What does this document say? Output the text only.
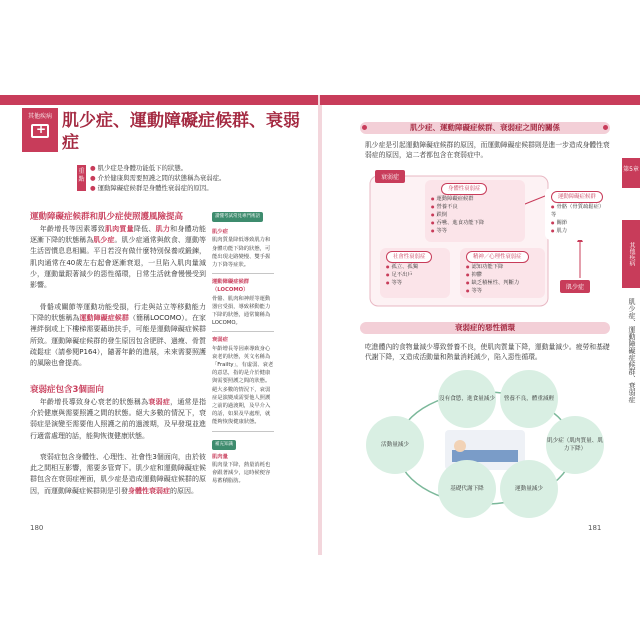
其他疾病
+ 肌少症、運動障礙症候群、衰弱症
重點
● 肌少症是身體功能低下的狀態。
● 介於健康與需要照護之間的狀態稱為衰弱症。
● 運動障礙症候群是身體性衰弱症的原因。
運動障礙症候群和肌少症使照護風險提高

年齡增長等因素導致肌肉質量降低、肌力和身體功能逐漸下降的狀態稱為肌少症。肌少症通常與飲食、運動等生活習慣息息相關。平日若沒有做什麼特別保養或鍛鍊，肌肉通常在40歲左右起會逐漸衰退，一旦陷入肌肉量減少，運動量跟著減少的惡性循環，日常生活就會慢慢受到影響。

骨骼或關節等運動功能受損，行走與站立等移動能力下降的狀態稱為運動障礙症候群（簡稱LOCOMO）。在家裡絆倒或上下樓梯需要藉助扶手，可能是運動障礙症候群所致。運動障礙症候群的發生原因包含肥胖、過瘦、骨質疏鬆症（請參閱P164），隨著年齡的進展，未來需要照護的風險也會提高。

衰弱症包含3個面向

年齡增長導致身心衰老的狀態稱為衰弱症，通常是指介於健康與需要照護之間的狀態。絕大多數的情況下，衰弱症是演變至需要他人照護之前的過渡期，及早發現並進行適當處理的話，能夠恢復健康狀態。

衰弱症包含身體性、心理性、社會性3個面向，由於彼此之間相互影響，需要多管齊下。肌少症和運動障礙症候群包含在衰弱症裡面，肌少症是造成運動障礙症候群的原因，而運動障礙症候群則是引發身體性衰弱症的原因。

讀懂考試常見專門術語
肌少症
肌肉質量降低導致肌力和身體功能下降的狀態，可能出現走路變慢、雙手握力下降等症狀。
運動障礙症候群（LOCOMO）
骨骼、肌肉和神經等運動器官受損，導致移動能力下降的狀態，通常簡稱為LOCOMO。
衰弱症
年齡增長等因素導致身心衰老的狀態，英文名稱為「Frailty」，有虛弱、衰老的意思，指的是介於健康與需要照護之間的狀態。絕大多數的情況下，衰弱症是演變成需要他人照護之前的過渡期，及早介入的話，如果及早處理，就能夠恢復健康狀態。
補充知識
肌肉量
肌肉量下降，熱量消耗也會跟著減少，這時候便容易蓄積脂肪。
180
肌少症、運動障礙症候群、衰弱症之間的關係
肌少症是引起運動障礙症候群的原因，而運動障礙症候群則是進一步造成身體性衰弱症的原因，這二者都包含在衰弱症中。
衰弱症
身體性衰弱症
● 運動障礙症候群
● 營養不良
● 跌倒
● 吞嚥、進食功能下降
● 等等
運動障礙症候群
● 骨骼（骨質疏鬆症）等
● 關節
● 肌力
社會性衰弱症
● 孤立、孤獨
● 足不出戶
● 等等
精神／心理性衰弱症
● 認知功能下降
● 抑鬱
● 缺乏積極性、判斷力
● 等等	肌少症
衰弱症的惡性循環
吃進體內的食物量減少導致營養不良，使肌肉質量下降，運動量減少。疲勞和基礎代謝下降，又造成活動量和熱量消耗減少，陷入惡性循環。
沒有食慾，進食量減少	營養不良，體重減輕
肌少症（肌肉質量、肌力下降）
運動量減少
基礎代謝下降
活動量減少
181
第5章
其他疾病
肌少症、運動障礙症候群、衰弱症
